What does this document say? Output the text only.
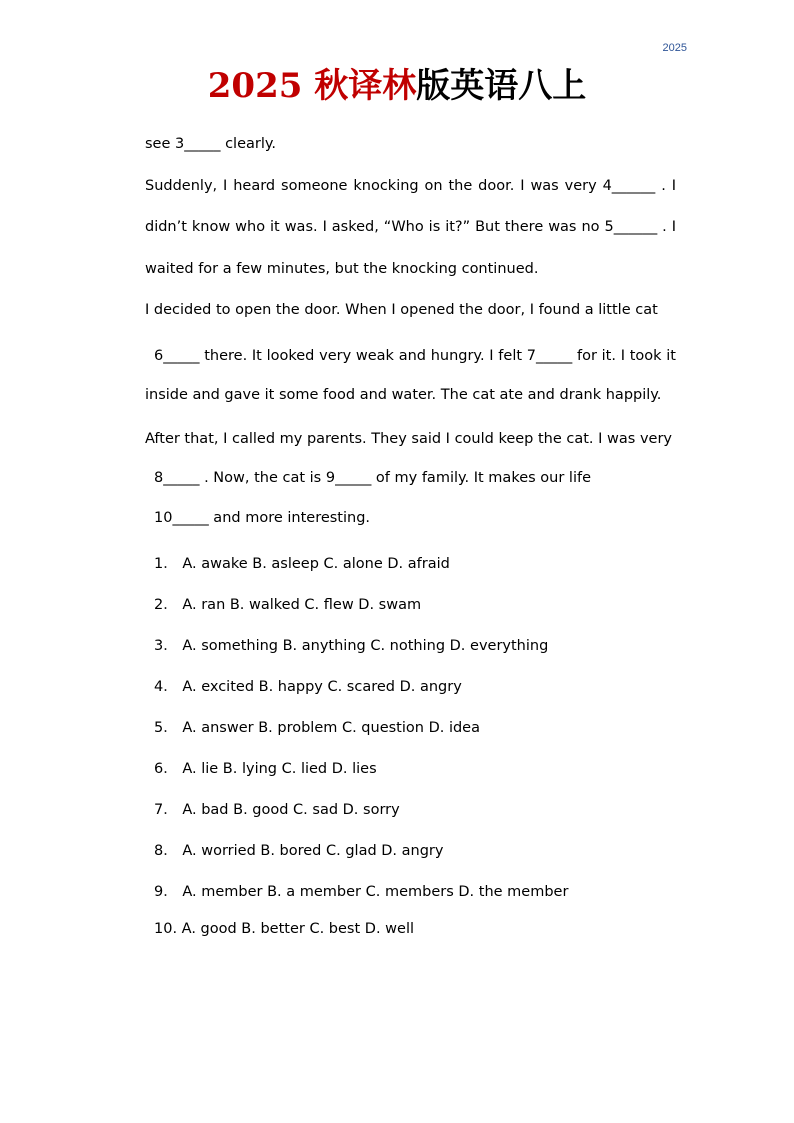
2025
2025 秋译林版英语八上
see 3_____ clearly.
Suddenly, I heard someone knocking on the door. I was very 4______ . I
didn’t know who it was. I asked, “Who is it?” But there was no 5______ . I
waited for a few minutes, but the knocking continued.
I decided to open the door. When I opened the door, I found a little cat
6_____ there. It looked very weak and hungry. I felt 7_____ for it. I took it
inside and gave it some food and water. The cat ate and drank happily.
After that, I called my parents. They said I could keep the cat. I was very
8_____ . Now, the cat is 9_____ of my family. It makes our life
10_____ and more interesting.
1． A. awake B. asleep C. alone D. afraid
2． A. ran B. walked C. flew D. swam
3． A. something B. anything C. nothing D. everything
4． A. excited B. happy C. scared D. angry
5． A. answer B. problem C. question D. idea
6． A. lie B. lying C. lied D. lies
7． A. bad B. good C. sad D. sorry
8． A. worried B. bored C. glad D. angry
9． A. member B. a member C. members D. the member
10. A. good B. better C. best D. well
